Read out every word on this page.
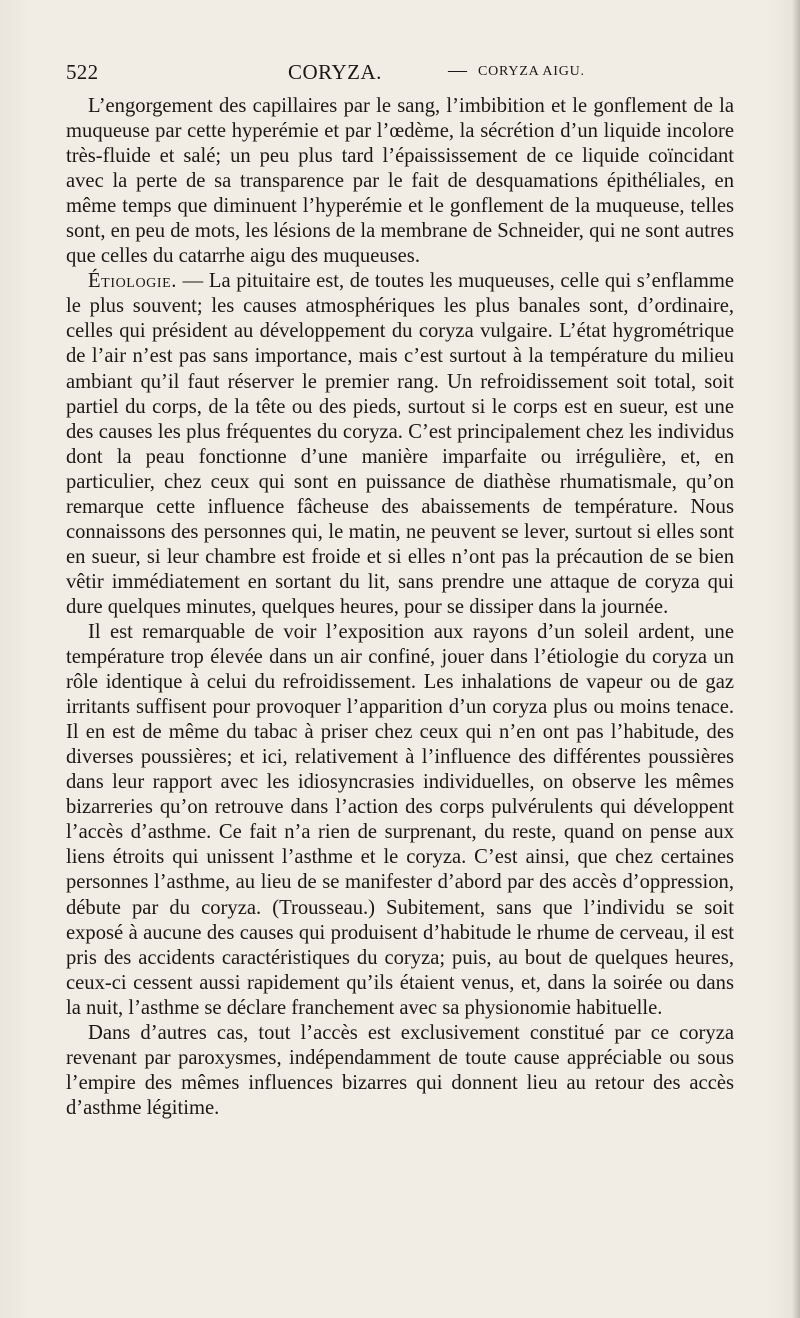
522	CORYZA.	— CORYZA AIGU.

L’engorgement des capillaires par le sang, l’imbibition et le gonflement de la muqueuse par cette hyperémie et par l’œdème, la sécrétion d’un liquide incolore très-fluide et salé; un peu plus tard l’épaississement de ce liquide coïncidant avec la perte de sa transparence par le fait de desquamations épithéliales, en même temps que diminuent l’hyperémie et le gonflement de la muqueuse, telles sont, en peu de mots, les lésions de la membrane de Schneider, qui ne sont autres que celles du catarrhe aigu des muqueuses.

Étiologie. — La pituitaire est, de toutes les muqueuses, celle qui s’enflamme le plus souvent; les causes atmosphériques les plus banales sont, d’ordinaire, celles qui président au développement du coryza vulgaire. L’état hygrométrique de l’air n’est pas sans importance, mais c’est surtout à la température du milieu ambiant qu’il faut réserver le premier rang. Un refroidissement soit total, soit partiel du corps, de la tête ou des pieds, surtout si le corps est en sueur, est une des causes les plus fréquentes du coryza. C’est principalement chez les individus dont la peau fonctionne d’une manière imparfaite ou irrégulière, et, en particulier, chez ceux qui sont en puissance de diathèse rhumatismale, qu’on remarque cette influence fâcheuse des abaissements de température. Nous connaissons des personnes qui, le matin, ne peuvent se lever, surtout si elles sont en sueur, si leur chambre est froide et si elles n’ont pas la précaution de se bien vêtir immédiatement en sortant du lit, sans prendre une attaque de coryza qui dure quelques minutes, quelques heures, pour se dissiper dans la journée.

Il est remarquable de voir l’exposition aux rayons d’un soleil ardent, une température trop élevée dans un air confiné, jouer dans l’étiologie du coryza un rôle identique à celui du refroidissement. Les inhalations de vapeur ou de gaz irritants suffisent pour provoquer l’apparition d’un coryza plus ou moins tenace. Il en est de même du tabac à priser chez ceux qui n’en ont pas l’habitude, des diverses poussières; et ici, relativement à l’influence des différentes poussières dans leur rapport avec les idiosyncrasies individuelles, on observe les mêmes bizarreries qu’on retrouve dans l’action des corps pulvérulents qui développent l’accès d’asthme. Ce fait n’a rien de surprenant, du reste, quand on pense aux liens étroits qui unissent l’asthme et le coryza. C’est ainsi, que chez certaines personnes l’asthme, au lieu de se manifester d’abord par des accès d’oppression, débute par du coryza. (Trousseau.) Subitement, sans que l’individu se soit exposé à aucune des causes qui produisent d’habitude le rhume de cerveau, il est pris des accidents caractéristiques du coryza; puis, au bout de quelques heures, ceux-ci cessent aussi rapidement qu’ils étaient venus, et, dans la soirée ou dans la nuit, l’asthme se déclare franchement avec sa physionomie habituelle.

Dans d’autres cas, tout l’accès est exclusivement constitué par ce coryza revenant par paroxysmes, indépendamment de toute cause appréciable ou sous l’empire des mêmes influences bizarres qui donnent lieu au retour des accès d’asthme légitime.
